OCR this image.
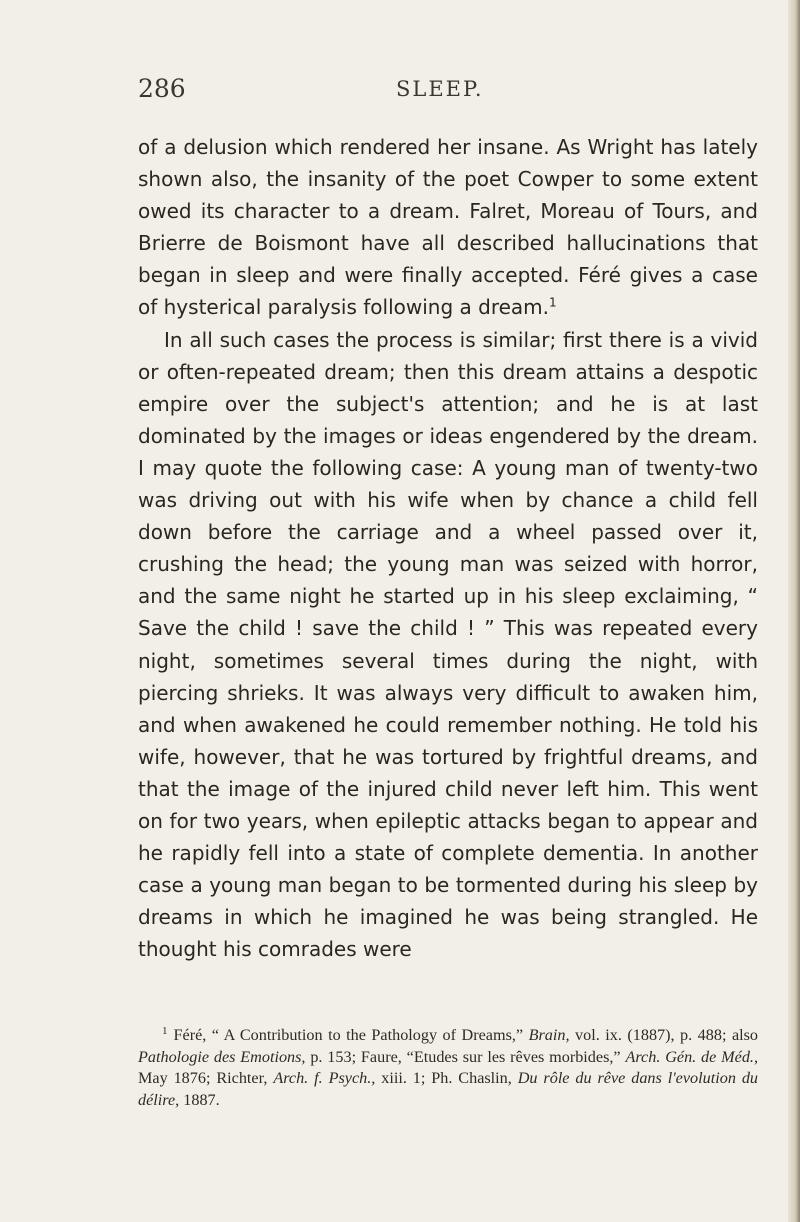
286	SLEEP.

of a delusion which rendered her insane. As Wright has lately shown also, the insanity of the poet Cowper to some extent owed its character to a dream. Falret, Moreau of Tours, and Brierre de Boismont have all described hallucinations that began in sleep and were finally accepted. Féré gives a case of hysterical paralysis following a dream.$^1$

In all such cases the process is similar; first there is a vivid or often-repeated dream; then this dream attains a despotic empire over the subject's attention; and he is at last dominated by the images or ideas engendered by the dream. I may quote the following case: A young man of twenty-two was driving out with his wife when by chance a child fell down before the carriage and a wheel passed over it, crushing the head; the young man was seized with horror, and the same night he started up in his sleep exclaiming, “ Save the child ! save the child ! ” This was repeated every night, sometimes several times during the night, with piercing shrieks. It was always very difficult to awaken him, and when awakened he could remember nothing. He told his wife, however, that he was tortured by frightful dreams, and that the image of the injured child never left him. This went on for two years, when epileptic attacks began to appear and he rapidly fell into a state of complete dementia. In another case a young man began to be tormented during his sleep by dreams in which he imagined he was being strangled. He thought his comrades were

$^1$ Féré, “ A Contribution to the Pathology of Dreams,” Brain, vol. ix. (1887), p. 488; also Pathologie des Emotions, p. 153; Faure, “Etudes sur les rêves morbides,” Arch. Gén. de Méd., May 1876; Richter, Arch. f. Psych., xiii. 1; Ph. Chaslin, Du rôle du rêve dans l'evolution du délire, 1887.
